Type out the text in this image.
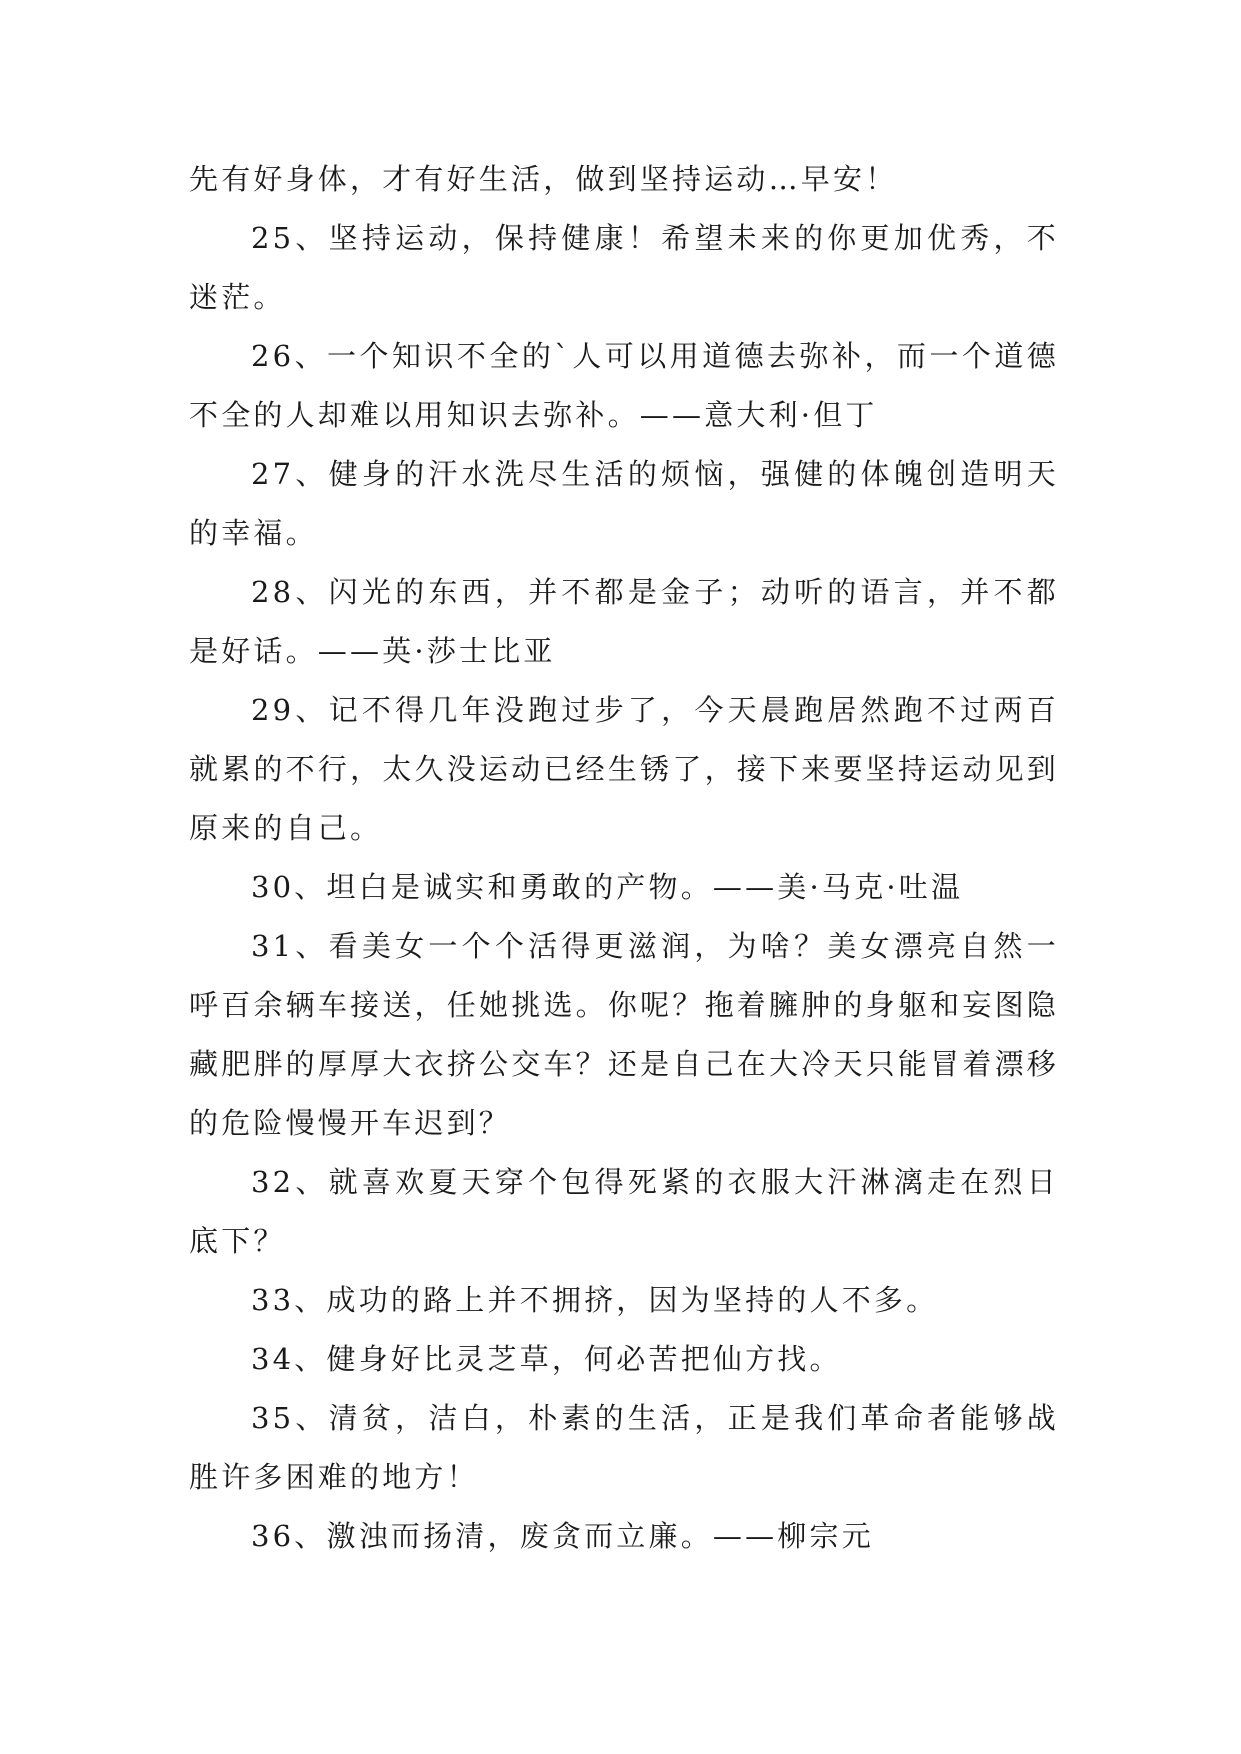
先有好身体，才有好生活，做到坚持运动…早安！

25、坚持运动，保持健康！希望未来的你更加优秀，不迷茫。

26、一个知识不全的`人可以用道德去弥补，而一个道德不全的人却难以用知识去弥补。——意大利·但丁

27、健身的汗水洗尽生活的烦恼，强健的体魄创造明天的幸福。

28、闪光的东西，并不都是金子；动听的语言，并不都是好话。——英·莎士比亚

29、记不得几年没跑过步了，今天晨跑居然跑不过两百就累的不行，太久没运动已经生锈了，接下来要坚持运动见到原来的自己。

30、坦白是诚实和勇敢的产物。——美·马克·吐温

31、看美女一个个活得更滋润，为啥？美女漂亮自然一呼百余辆车接送，任她挑选。你呢？拖着臃肿的身躯和妄图隐藏肥胖的厚厚大衣挤公交车？还是自己在大冷天只能冒着漂移的危险慢慢开车迟到？

32、就喜欢夏天穿个包得死紧的衣服大汗淋漓走在烈日底下？

33、成功的路上并不拥挤，因为坚持的人不多。

34、健身好比灵芝草，何必苦把仙方找。

35、清贫，洁白，朴素的生活，正是我们革命者能够战胜许多困难的地方！

36、激浊而扬清，废贪而立廉。——柳宗元
